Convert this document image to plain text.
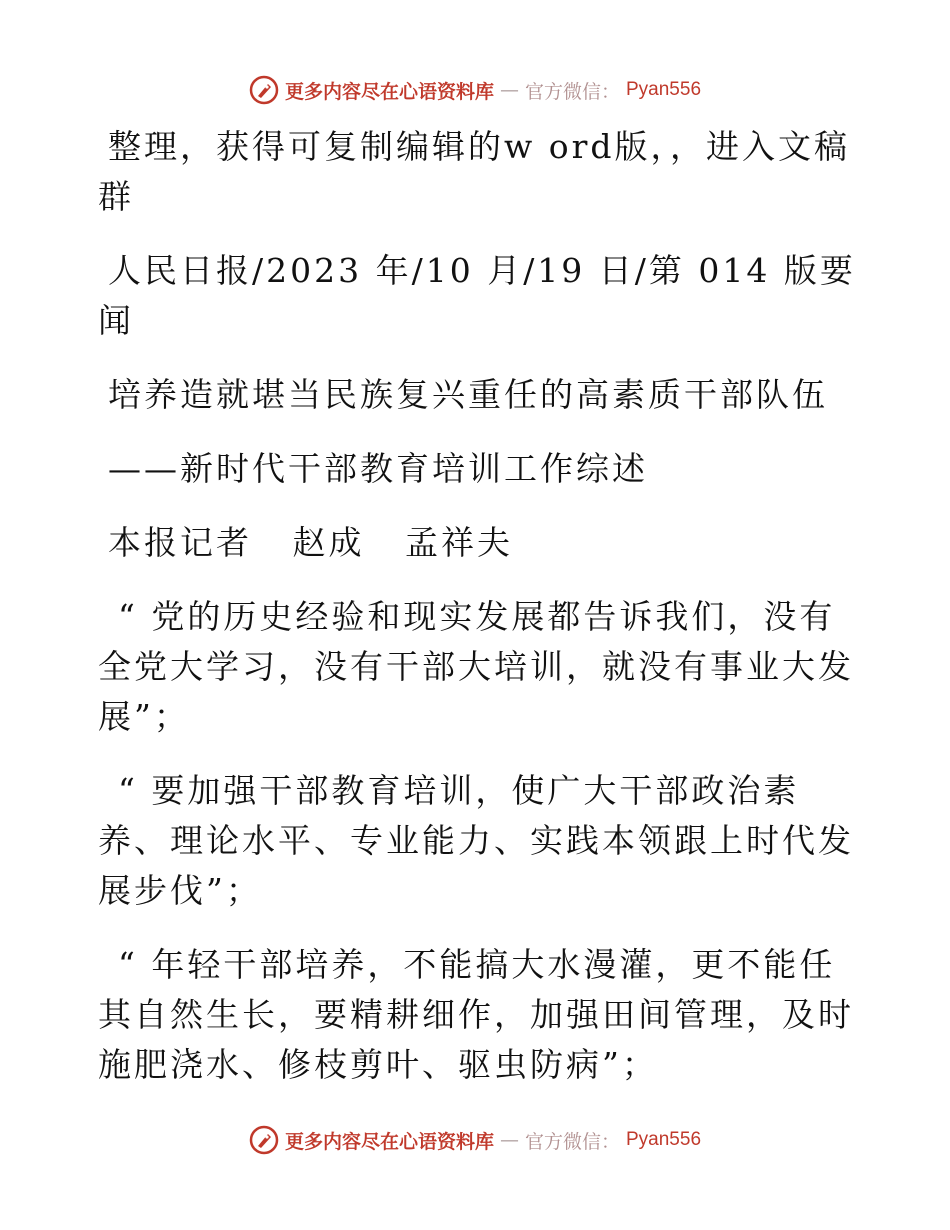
更多内容尽在心语资料库 — 官方微信： Pyan556

整理，获得可复制编辑的w ord版，，进入文稿群

人民日报/2023 年/10 月/19 日/第 014 版要闻

培养造就堪当民族复兴重任的高素质干部队伍

——新时代干部教育培训工作综述

本报记者   赵成   孟祥夫

“ 党的历史经验和现实发展都告诉我们，没有全党大学习，没有干部大培训，就没有事业大发展”；

“ 要加强干部教育培训，使广大干部政治素养、理论水平、专业能力、实践本领跟上时代发展步伐”；

“ 年轻干部培养，不能搞大水漫灌，更不能任其自然生长，要精耕细作，加强田间管理，及时施肥浇水、修枝剪叶、驱虫防病”；

更多内容尽在心语资料库 — 官方微信： Pyan556
